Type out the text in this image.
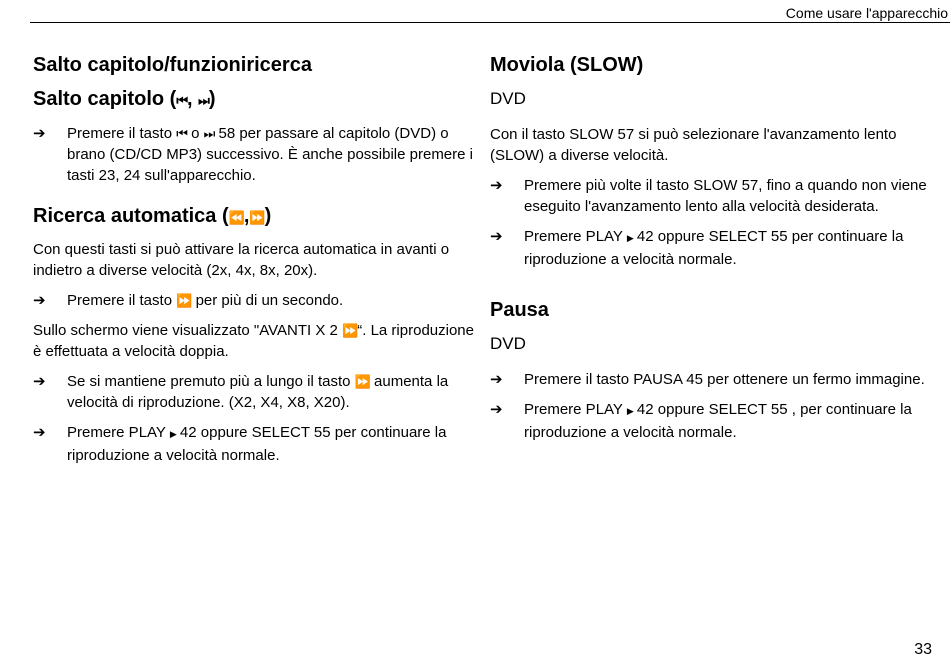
Come usare l'apparecchio
Salto capitolo/funzioniricerca
Salto capitolo (⏮, ⏭)
➔ Premere il tasto ⏮ o ⏭ 58 per passare al capitolo (DVD) o brano (CD/CD MP3) successivo. È anche possibile premere i tasti 23, 24 sull'apparecchio.
Ricerca automatica (⏪,⏩)

Con questi tasti si può attivare la ricerca automatica in avanti o indietro a diverse velocità (2x, 4x, 8x, 20x).

➔ Premere il tasto ⏩ per più di un secondo.

Sullo schermo viene visualizzato "AVANTI X 2 ⏩“. La riproduzione è effettuata a velocità doppia.

➔ Se si mantiene premuto più a lungo il tasto ⏩ aumenta la velocità di riproduzione. (X2, X4, X8, X20).
➔ Premere PLAY ▶ 42 oppure SELECT 55 per continuare la riproduzione a velocità normale.
Moviola (SLOW)
DVD

Con il tasto SLOW 57 si può selezionare l'avanzamento lento (SLOW) a diverse velocità.

➔ Premere più volte il tasto SLOW 57, fino a quando non viene eseguito l'avanzamento lento alla velocità desiderata.
➔ Premere PLAY ▶ 42 oppure SELECT 55 per continuare la riproduzione a velocità normale.
Pausa
DVD
➔ Premere il tasto PAUSA 45 per ottenere un fermo immagine.
➔ Premere PLAY ▶ 42 oppure SELECT 55 , per continuare la riproduzione a velocità normale.
33
